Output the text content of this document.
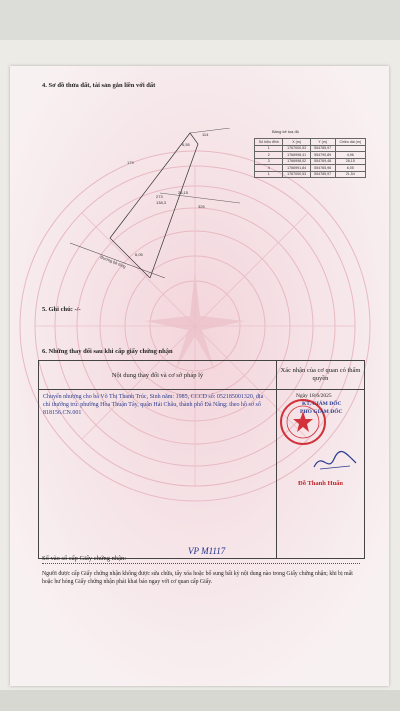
4. Sơ đồ thửa đất, tài sản gắn liền với đất
114
6,55
179
273
138,3
28,15
326
6,05
Đường bê tông
Bảng kê toạ độ
Số hiệu đỉnh	X (m)	Y (m)	Chiều dài (m)
1	1767000,53	554785,97	
2	1766998,41	554790,89	4,96
3	1766998,02	554769,48	28,15
4	1766991,84	554765,96	6,05
1	1767000,53	554785,97	21,54
5. Ghi chú: -/-
6. Những thay đổi sau khi cấp giấy chứng nhận
Nội dung thay đổi và cơ sở pháp lý	Xác nhận của cơ quan có thẩm quyền

Chuyển nhượng cho bà Võ Thị Thanh Trúc, Sinh năm: 1985, CCCD số: 052185001320, địa chỉ thường trú: phường Hòa Thuận Tây, quận Hải Châu, thành phố Đà Nẵng; theo hồ sơ số 818156.CN.001	Ngày 18/6/2025
KT. GIÁM ĐỐC
PHÓ GIÁM ĐỐC
Đỗ Thanh Huấn
Số vào sổ cấp Giấy chứng nhận:
VP M1117
Người được cấp Giấy chứng nhận không được sửa chữa, tẩy xóa hoặc bổ sung bất kỳ nội dung nào trong Giấy chứng nhận; khi bị mất hoặc hư hỏng Giấy chứng nhận phải khai báo ngay với cơ quan cấp Giấy.
